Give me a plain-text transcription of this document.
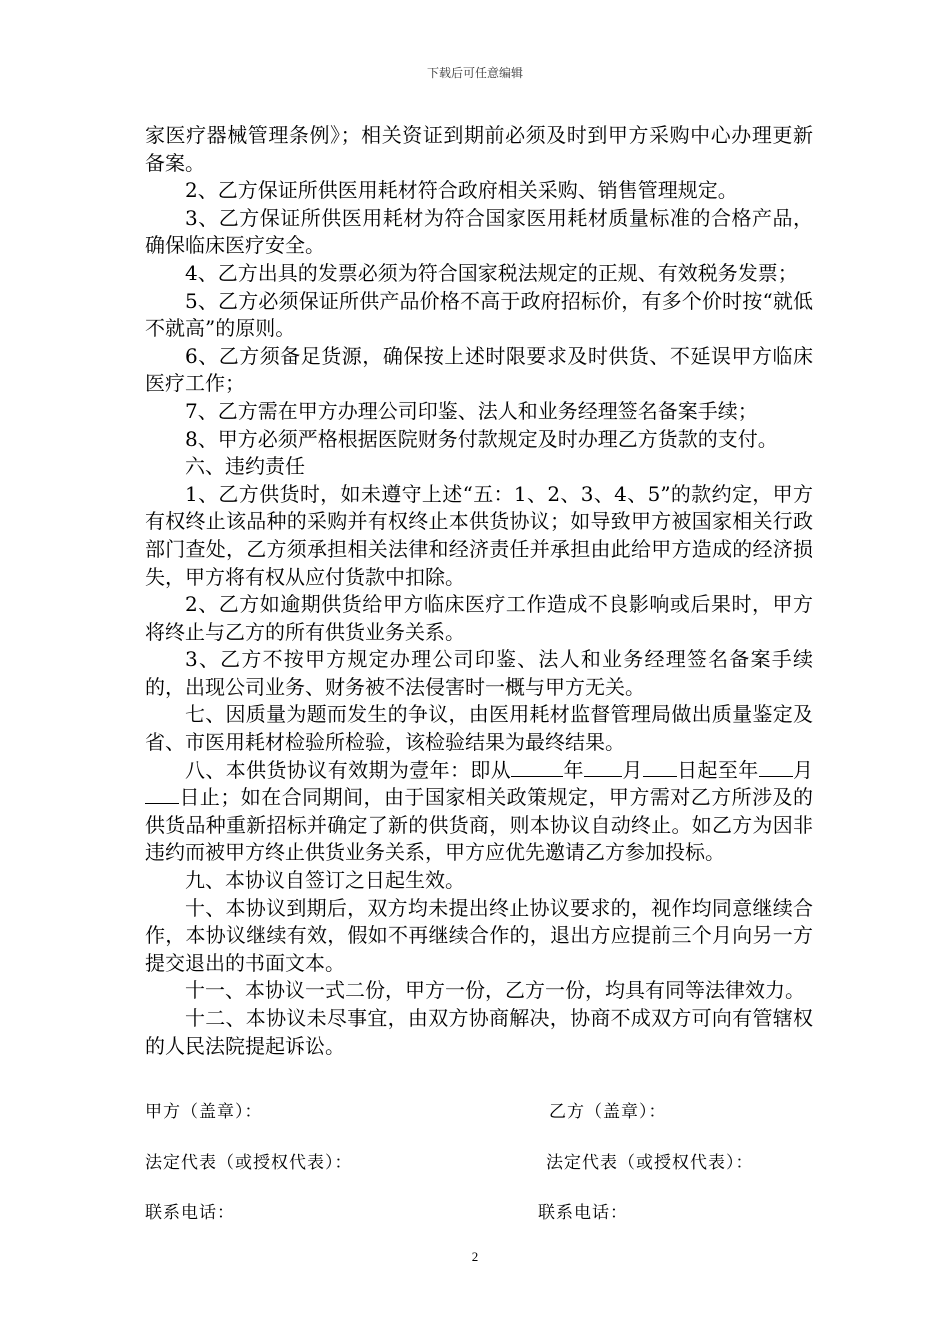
下载后可任意编辑

家医疗器械管理条例》；相关资证到期前必须及时到甲方采购中心办理更新备案。

2、乙方保证所供医用耗材符合政府相关采购、销售管理规定。

3、乙方保证所供医用耗材为符合国家医用耗材质量标准的合格产品，确保临床医疗安全。

4、乙方出具的发票必须为符合国家税法规定的正规、有效税务发票；

5、乙方必须保证所供产品价格不高于政府招标价，有多个价时按“就低不就高”的原则。

6、乙方须备足货源，确保按上述时限要求及时供货、不延误甲方临床医疗工作；

7、乙方需在甲方办理公司印鉴、法人和业务经理签名备案手续；

8、甲方必须严格根据医院财务付款规定及时办理乙方货款的支付。

六、违约责任

1、乙方供货时，如未遵守上述“五：1、2、3、4、5”的款约定，甲方有权终止该品种的采购并有权终止本供货协议；如导致甲方被国家相关行政部门查处，乙方须承担相关法律和经济责任并承担由此给甲方造成的经济损失，甲方将有权从应付货款中扣除。

2、乙方如逾期供货给甲方临床医疗工作造成不良影响或后果时，甲方将终止与乙方的所有供货业务关系。

3、乙方不按甲方规定办理公司印鉴、法人和业务经理签名备案手续的，出现公司业务、财务被不法侵害时一概与甲方无关。

七、因质量为题而发生的争议，由医用耗材监督管理局做出质量鉴定及省、市医用耗材检验所检验，该检验结果为最终结果。

八、本供货协议有效期为壹年：即从	年 月 日起至年 月日止；如在合同期间，由于国家相关政策规定，甲方需对乙方所涉及的供货品种重新招标并确定了新的供货商，则本协议自动终止。如乙方为因非违约而被甲方终止供货业务关系，甲方应优先邀请乙方参加投标。

九、本协议自签订之日起生效。

十、本协议到期后，双方均未提出终止协议要求的，视作均同意继续合作，本协议继续有效，假如不再继续合作的，退出方应提前三个月向另一方提交退出的书面文本。

十一、本协议一式二份，甲方一份，乙方一份，均具有同等法律效力。

十二、本协议未尽事宜，由双方协商解决，协商不成双方可向有管辖权的人民法院提起诉讼。

甲方（盖章）：	乙方（盖章）：
法定代表（或授权代表）：	法定代表（或授权代表）：
联系电话：	联系电话：
2
